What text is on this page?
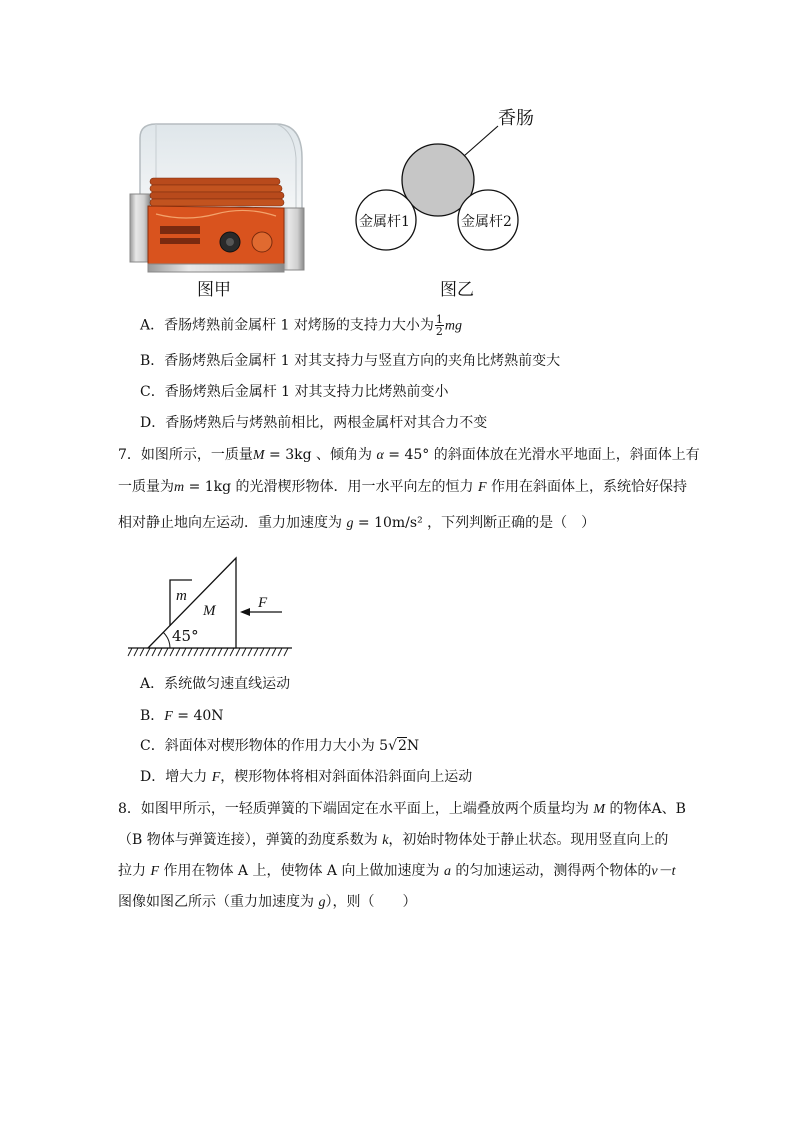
香肠
金属杆1	金属杆2
图甲	图乙
A．香肠烤熟前金属杆 1 对烤肠的支持力大小为 $\frac{1}{2}$ mg
B．香肠烤熟后金属杆 1 对其支持力与竖直方向的夹角比烤熟前变大
C．香肠烤熟后金属杆 1 对其支持力比烤熟前变小
D．香肠烤熟后与烤熟前相比，两根金属杆对其合力不变
7．如图所示，一质量M = 3kg 、倾角为 α = 45° 的斜面体放在光滑水平地面上，斜面体上有
一质量为m = 1kg 的光滑楔形物体．用一水平向左的恒力 F 作用在斜面体上，系统恰好保持
相对静止地向左运动．重力加速度为 g = 10m/s² ，下列判断正确的是（　）
m
M	F
45°
A．系统做匀速直线运动
B．F = 40N
C．斜面体对楔形物体的作用力大小为 5√2N
D．增大力 F，楔形物体将相对斜面体沿斜面向上运动
8．如图甲所示，一轻质弹簧的下端固定在水平面上，上端叠放两个质量均为 M 的物体A、B
（B 物体与弹簧连接），弹簧的劲度系数为 k，初始时物体处于静止状态。现用竖直向上的
拉力 F 作用在物体 A 上，使物体 A 向上做加速度为 a 的匀加速运动，测得两个物体的v－t
图像如图乙所示（重力加速度为 g），则（　　）
